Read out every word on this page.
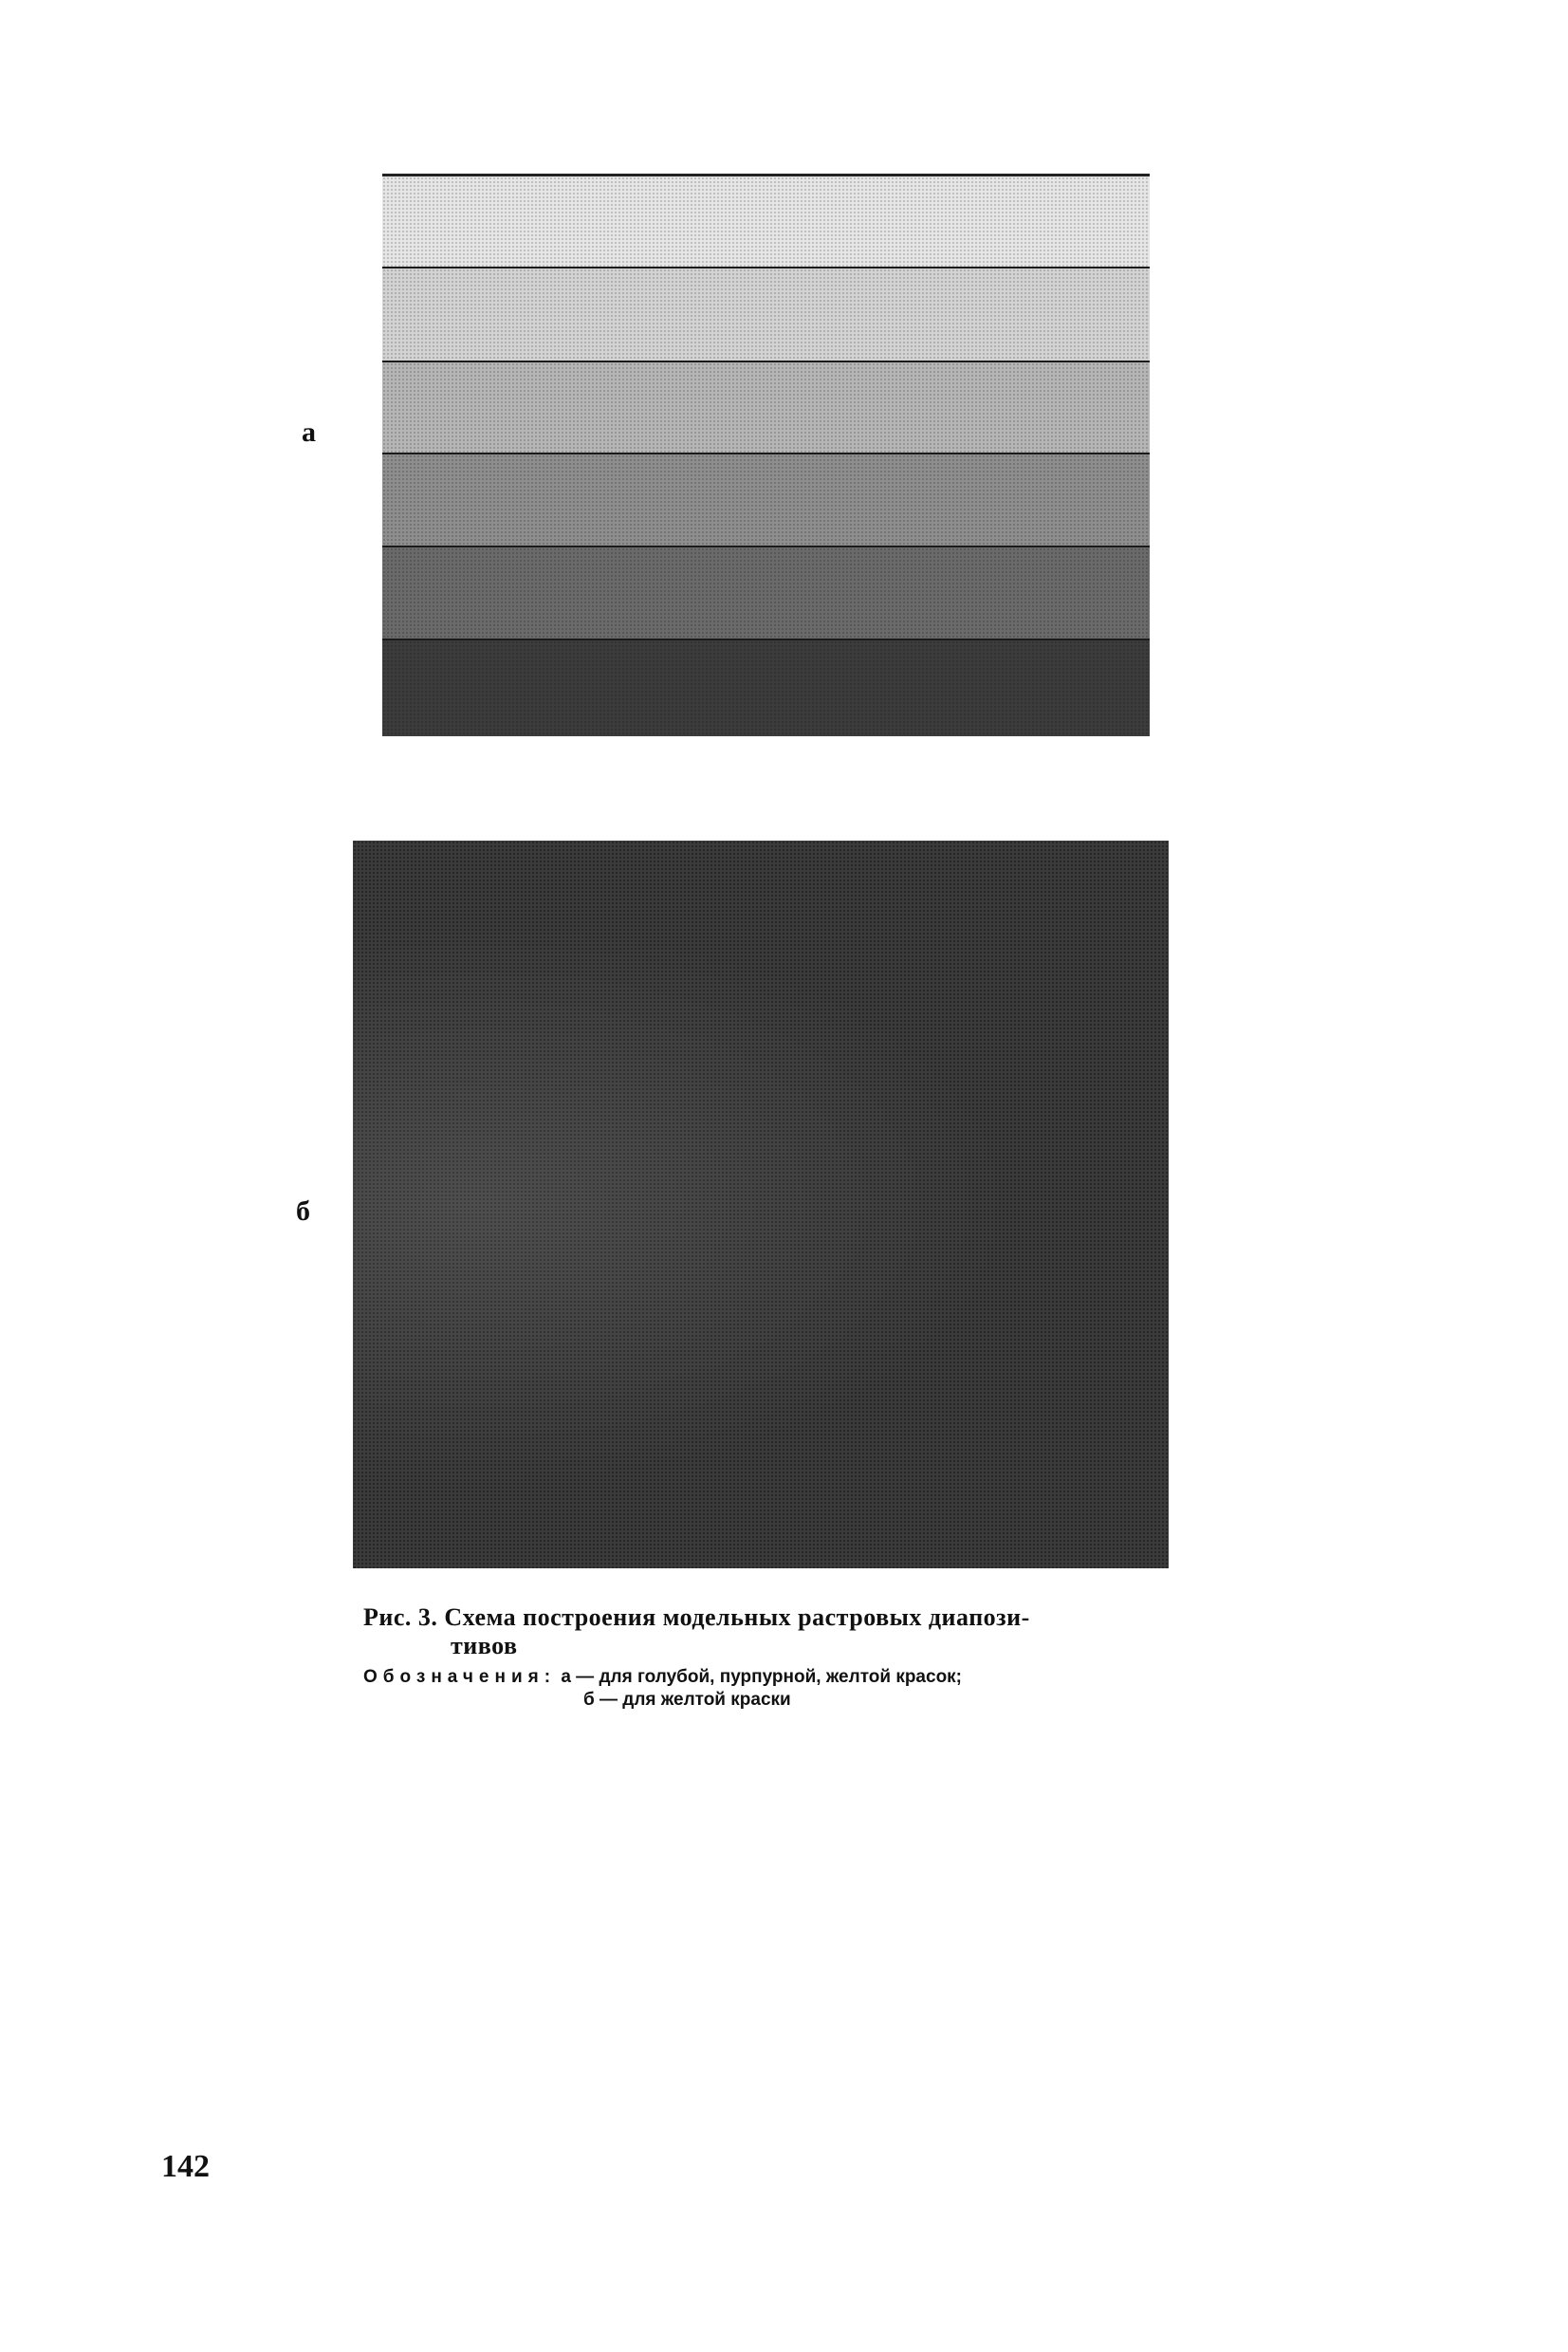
а
б
Рис. 3. Схема построения модельных растровых диапози-
тивов
Обозначения: а — для голубой, пурпурной, желтой красок;
б — для желтой краски
142
